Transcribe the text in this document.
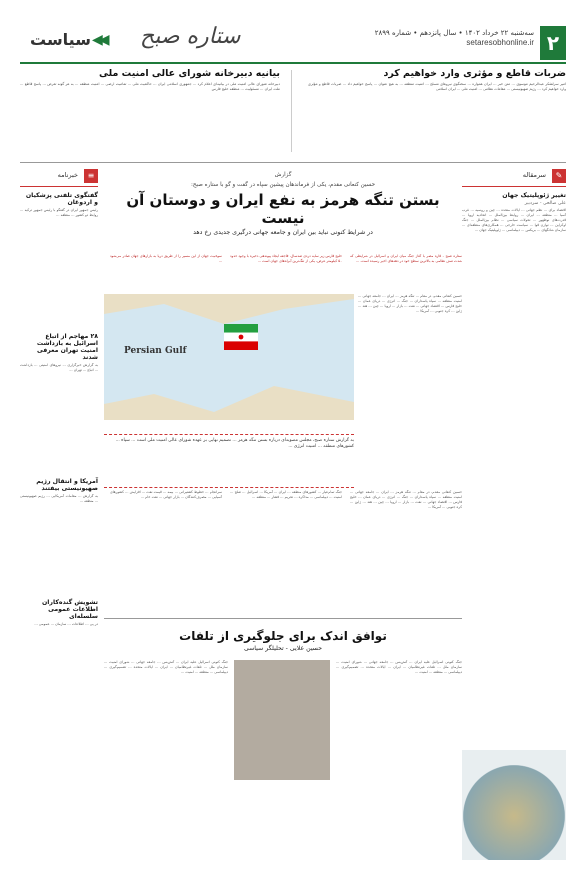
۲
سه‌شنبه ۲۲ خرداد ۱۴۰۲ • سال پانزدهم • شماره ۲۸۹۹
setaresobhonline.ir
ستاره صبح
◀◀
سیاست
ضربات قاطع و مؤثری وارد خواهیم کرد
امیر سرلشکر عبدالرحیم موسوی ... متن خبر ... ایران همواره ... سخنگوی نیروهای مسلح ... امنیت منطقه ... به هیچ عنوان ... پاسخ خواهیم داد ... ضربات قاطع و مؤثری وارد خواهیم کرد ... رژیم صهیونیستی ... مقامات نظامی ... امنیت ملی ... ایران اسلامی
بیانیه دبیرخانه شورای عالی امنیت ملی
دبیرخانه شورای عالی امنیت ملی در بیانیه‌ای اعلام کرد ... جمهوری اسلامی ایران ... حاکمیت ملی ... تمامیت ارضی ... امنیت منطقه ... به هر گونه تعرض ... پاسخ قاطع ... ملت ایران ... مسئولیت ... منطقه خلیج فارس
✎
سرمقاله
تغییر ژئوپلیتیک جهان
علی صالحی - سردبیر
اقتصاد برای ... نظم جهانی ... ایالات متحده ... چین و روسیه ... غرب آسیا ... منطقه ... ایران ... روابط بین‌الملل ... اتحادیه اروپا ... قدرت‌های نوظهور ... تحولات سیاسی ... نظام بین‌الملل ... جنگ اوکراین ... توازن قوا ... سیاست خارجی ... همکاری‌های منطقه‌ای ... سازمان شانگهای ... بریکس ... دیپلماسی ... ژئوپلیتیک جهان ...
≡
خبرنامه
گفتگوی تلفنی پزشکیان و اردوغان
رئیس جمهور ایران در گفتگو با رئیس جمهور ترکیه ... روابط دو کشور ... منطقه ...
۲۸ مهاجم از اتباع اسرائیل به بازداشت امنیت تهران معرفی شدند
به گزارش خبرگزاری ... نیروهای امنیتی ... بازداشت ... اتباع ... تهران ...
آمریکا و انتقال رژیم صهیونیستی بیفتند
به گزارش ... مقامات آمریکایی ... رژیم صهیونیستی ... منطقه ...
تشویش گنده‌کاران اطلاعات عمومی سلسله‌ای
در پی ... اطلاعات ... سازمان ... عمومی ...
گزارش
حسین کنعانی مقدم، یکی از فرماندهان پیشین سپاه در گفت و گو با ستاره صبح:
بستن تنگه هرمز به نفع ایران و دوستان آن نیست
در شرایط کنونی نباید بین ایران و جامعه جهانی درگیری جدیدی رخ دهد
ستاره صبح - قاره مصر با آغاز جنگ میان ایران و اسرائیل در شرایطی که شدت تنش نظامی به بالاترین سطح خود در دهه‌های اخیر رسیده است، ...
خلیج فارس زیر سایه دردی صدسال، فاجعه ایجاد پیوندهی ذخیره با وجود حدود ۵۰ کیلومتر عرض، یکی از تنگ‌ترین آبراه‌های جهان است ...
سوءنیت جهان از این مسیر را از طریق دریا به بازارهای جهان صادر می‌شود ...
Persian Gulf
حسین کنعانی مقدم، در مقام ... تنگه هرمز ... ایران ... جامعه جهانی ... امنیت منطقه ... سپاه پاسداران ... جنگ ... انرژی ... دریای عمان ... خلیج فارس ... اقتصاد جهانی ... نفت ... بازار ... اروپا ... چین ... هند ... ژاپن ... کره جنوبی ... آمریکا ...
به گزارش ستاره صبح، مجلس مصوبه‌ای درباره بستن تنگه هرمز ... تصمیم نهایی بر عهده شورای عالی امنیت ملی است ... سپاه ... کشورهای منطقه ... امنیت انرژی ...
حسین کنعانی مقدم، در مقام ... تنگه هرمز ... ایران ... جامعه جهانی ... امنیت منطقه ... سپاه پاسداران ... جنگ ... انرژی ... دریای عمان ... خلیج فارس ... اقتصاد جهانی ... نفت ... بازار ... اروپا ... چین ... هند ... ژاپن ... کره جنوبی ... آمریکا ...
جنگ تمام‌عیار ... کشورهای منطقه ... ایران ... آمریکا ... اسرائیل ... صلح ... امنیت ... دیپلماسی ... مذاکره ... تحریم ... فشار ... منطقه ...
سرانجام ... خطوط کشتیرانی ... بیمه ... قیمت نفت ... افزایش ... کشورهای آسیایی ... مصرف‌کنندگان ... بازار جهانی ... نفت خام ...
توافق اندک برای جلوگیری از تلفات
حسین علایی - تحلیلگر سیاسی
جنگ کنونی اسرائیل علیه ایران ... آتش‌بس ... جامعه جهانی ... شورای امنیت ... سازمان ملل ... تلفات غیرنظامیان ... ایران ... ایالات متحده ... تصمیم‌گیری ... دیپلماسی ... منطقه ... امنیت ...
جنگ کنونی اسرائیل علیه ایران ... آتش‌بس ... جامعه جهانی ... شورای امنیت ... سازمان ملل ... تلفات غیرنظامیان ... ایران ... ایالات متحده ... تصمیم‌گیری ... دیپلماسی ... منطقه ... امنیت ...
